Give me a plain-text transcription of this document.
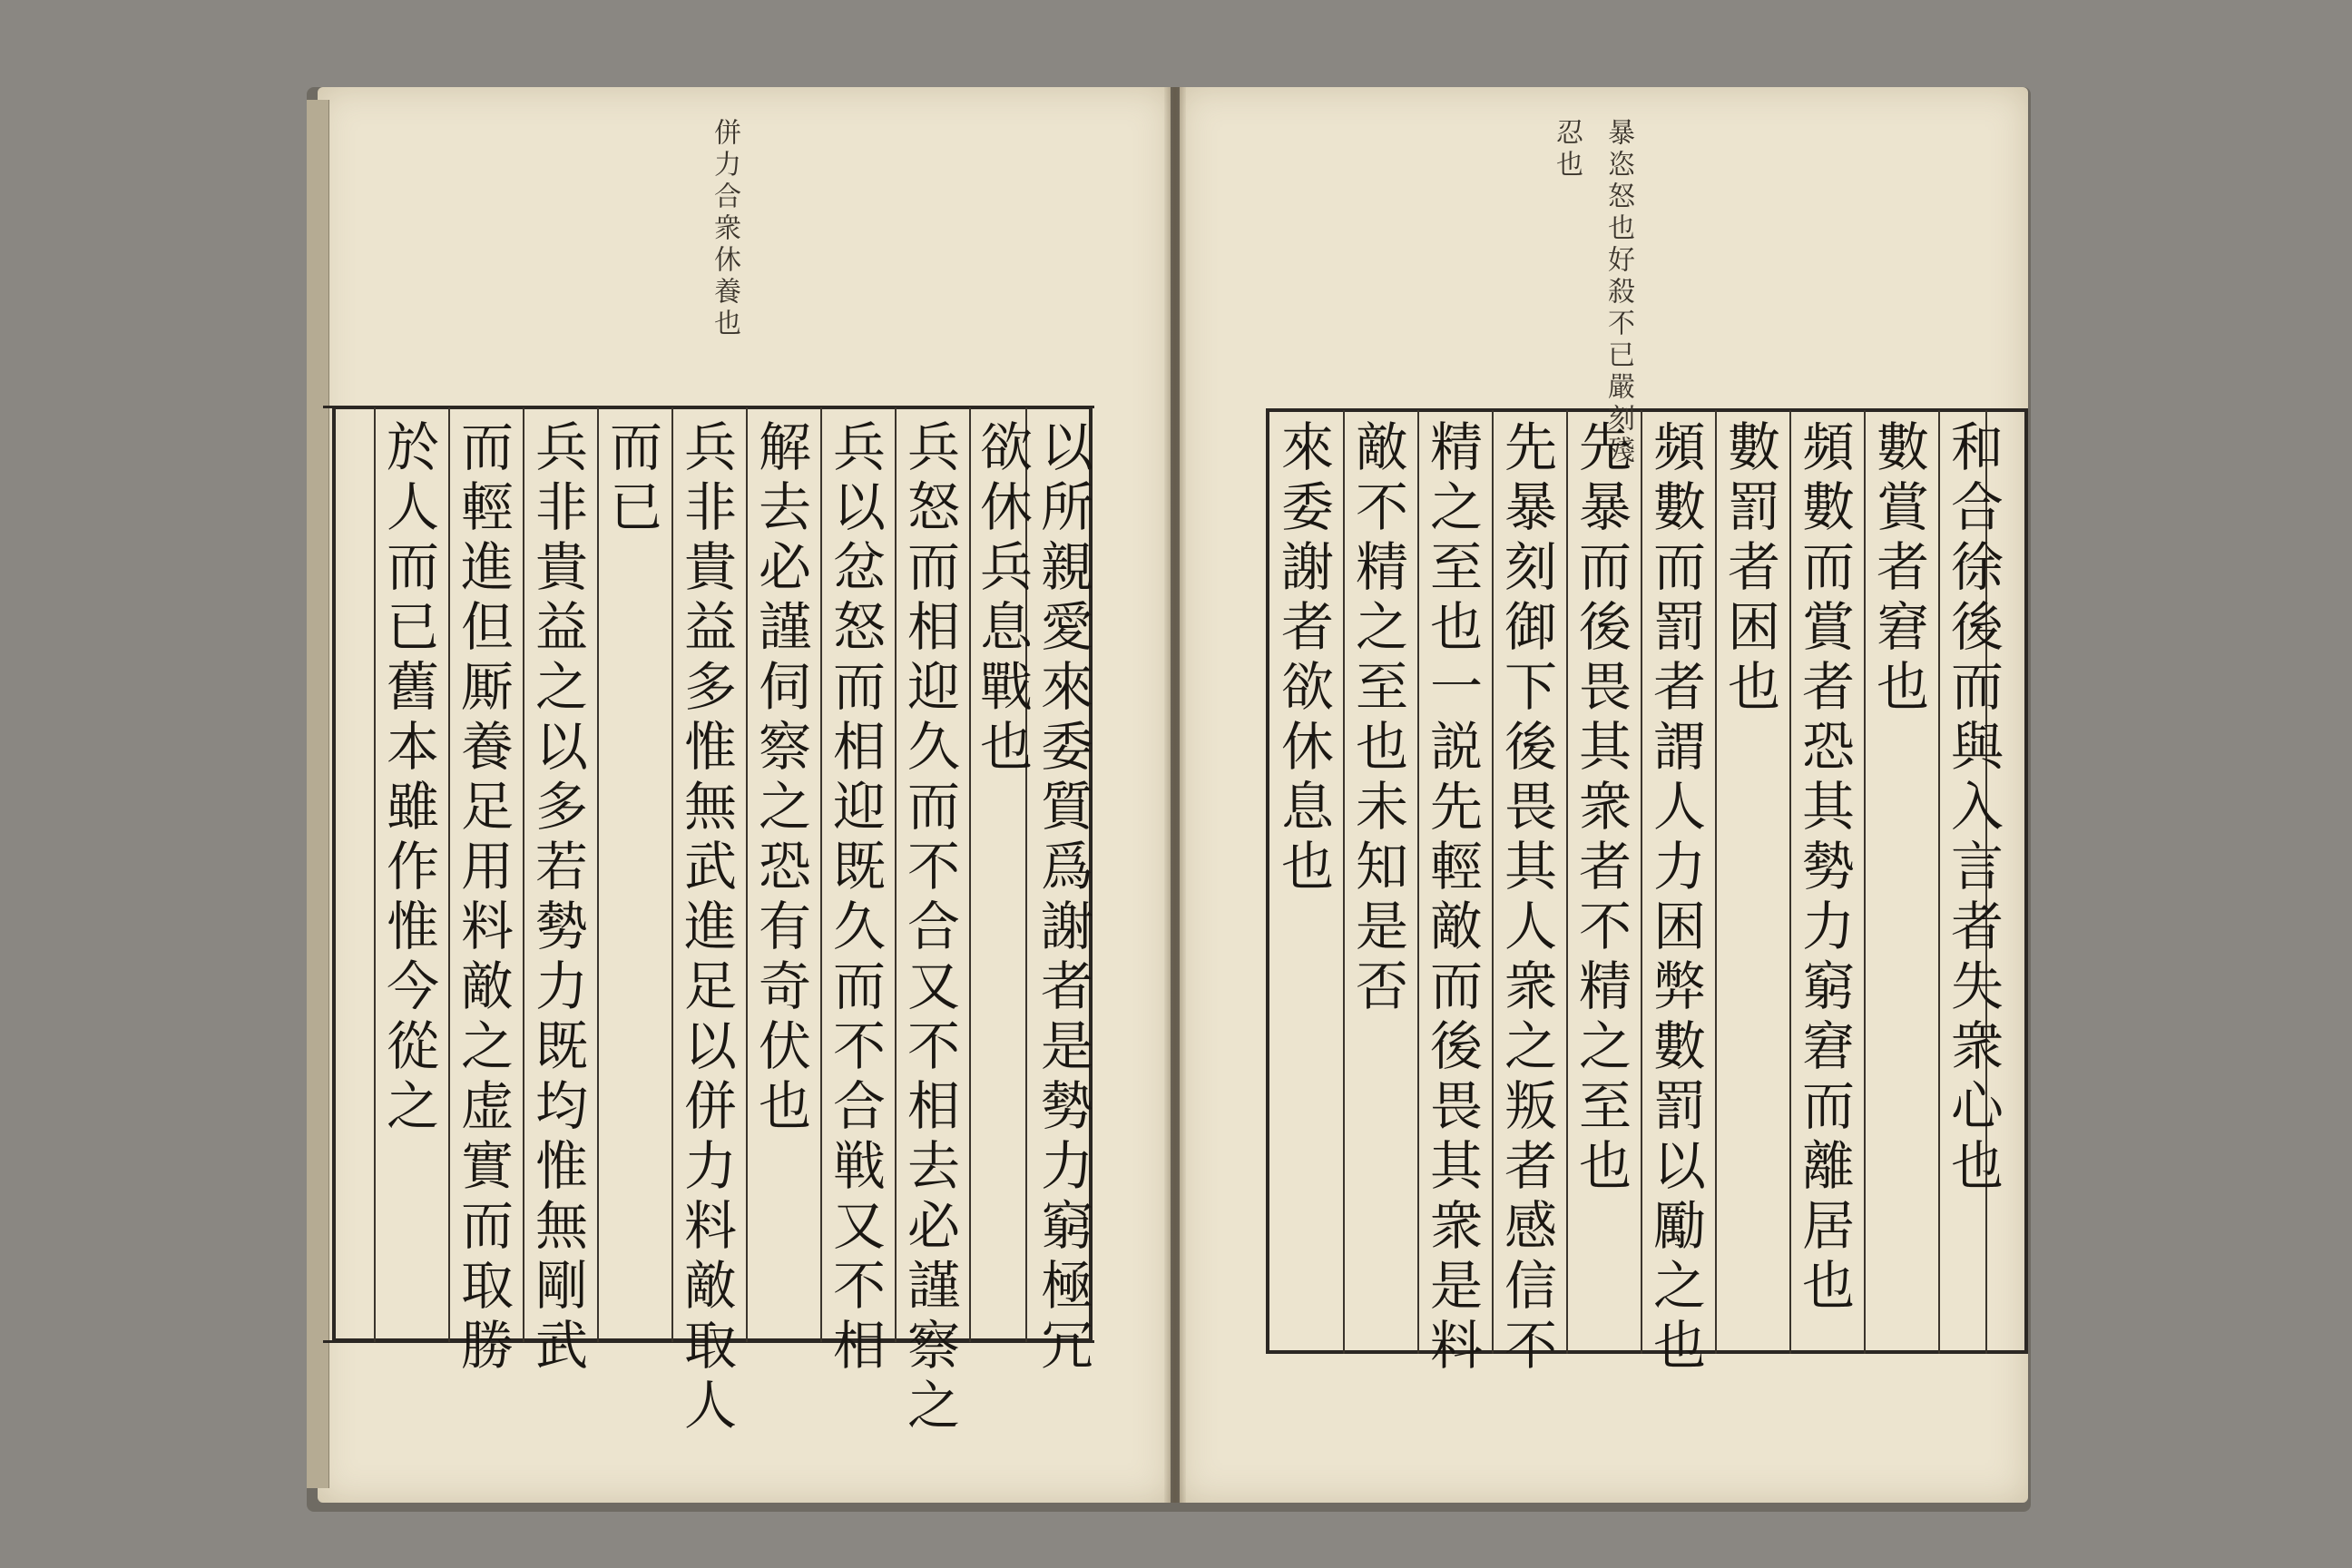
併力合衆休養也	暴恣怒也好殺不已嚴刻殘
忍也
以所親愛來委質爲謝者是勢力窮極冗
欲休兵息戰也
兵怒而相迎久而不合又不相去必謹察之
兵以忿怒而相迎既久而不合戦又不相
解去必謹伺察之恐有奇伏也
兵非貴益多惟無武進足以併力料敵取人
而已
兵非貴益之以多若勢力既均惟無剛武
而輕進但厮養足用料敵之虚實而取勝
於人而已舊本雖作惟今從之	和合徐後而與入言者失衆心也
數賞者窘也
頻數而賞者恐其勢力窮窘而離居也
數罰者困也
頻數而罰者謂人力困弊數罰以勵之也
先暴而後畏其衆者不精之至也
先暴刻御下後畏其人衆之叛者感信不
精之至也一説先輕敵而後畏其衆是料
敵不精之至也未知是否
來委謝者欲休息也
